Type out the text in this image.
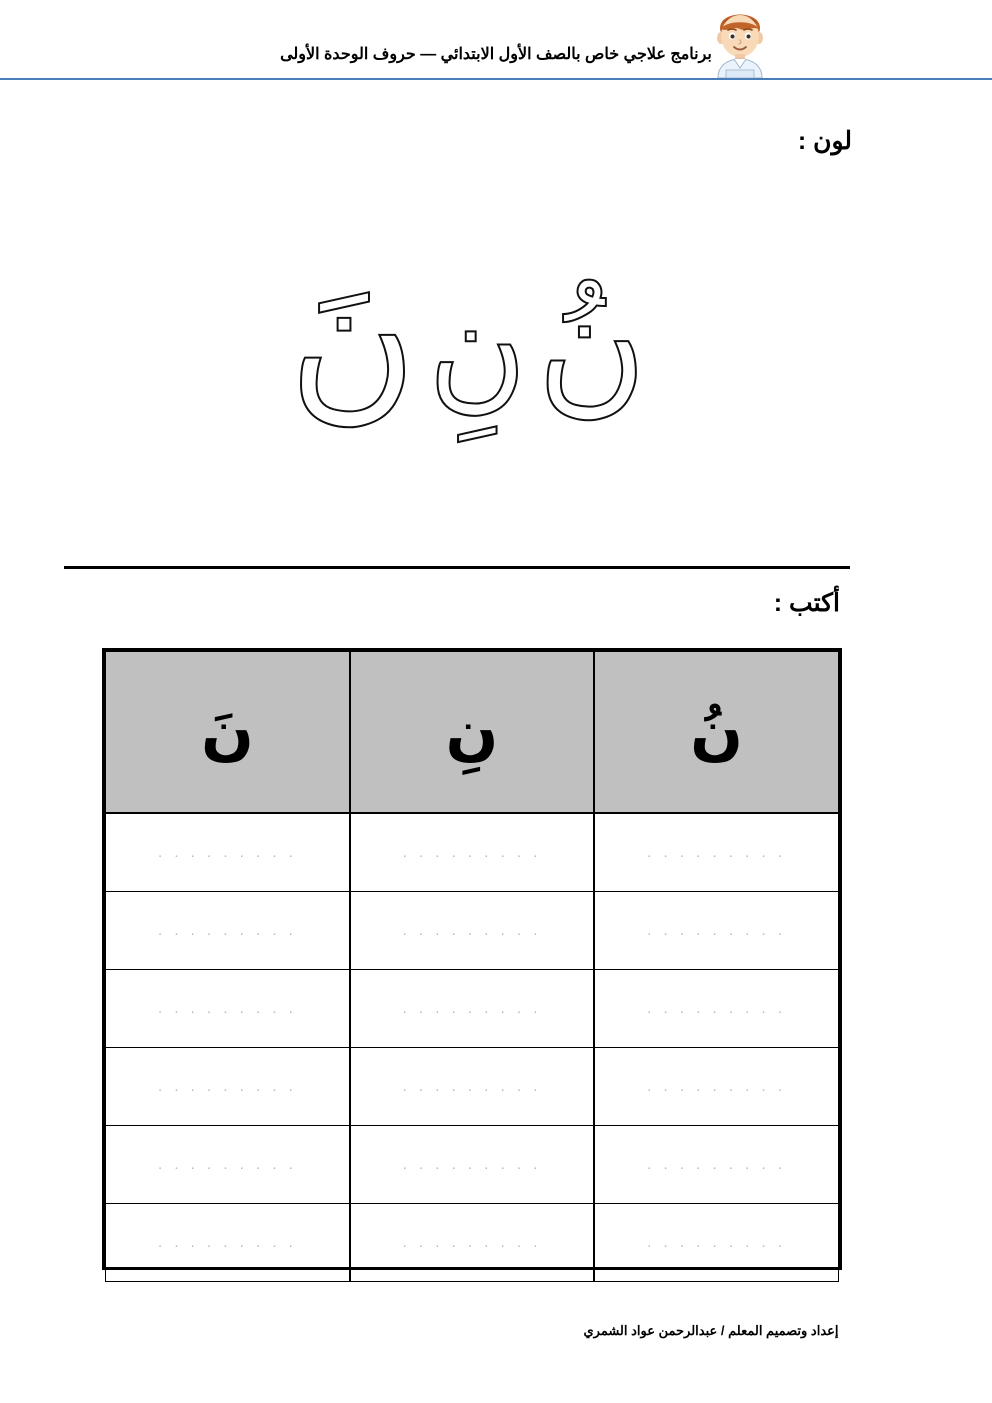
برنامج علاجي خاص بالصف الأول الابتدائي — حروف الوحدة الأولى
لون :
نُ
نِ
نَ
أكتب :
نُ	نِ	نَ
. . . . . . . . .	. . . . . . . . .	. . . . . . . . .
. . . . . . . . .	. . . . . . . . .	. . . . . . . . .
. . . . . . . . .	. . . . . . . . .	. . . . . . . . .
. . . . . . . . .	. . . . . . . . .	. . . . . . . . .
. . . . . . . . .	. . . . . . . . .	. . . . . . . . .
. . . . . . . . .	. . . . . . . . .	. . . . . . . . .
إعداد وتصميم المعلم / عبدالرحمن عواد الشمري
